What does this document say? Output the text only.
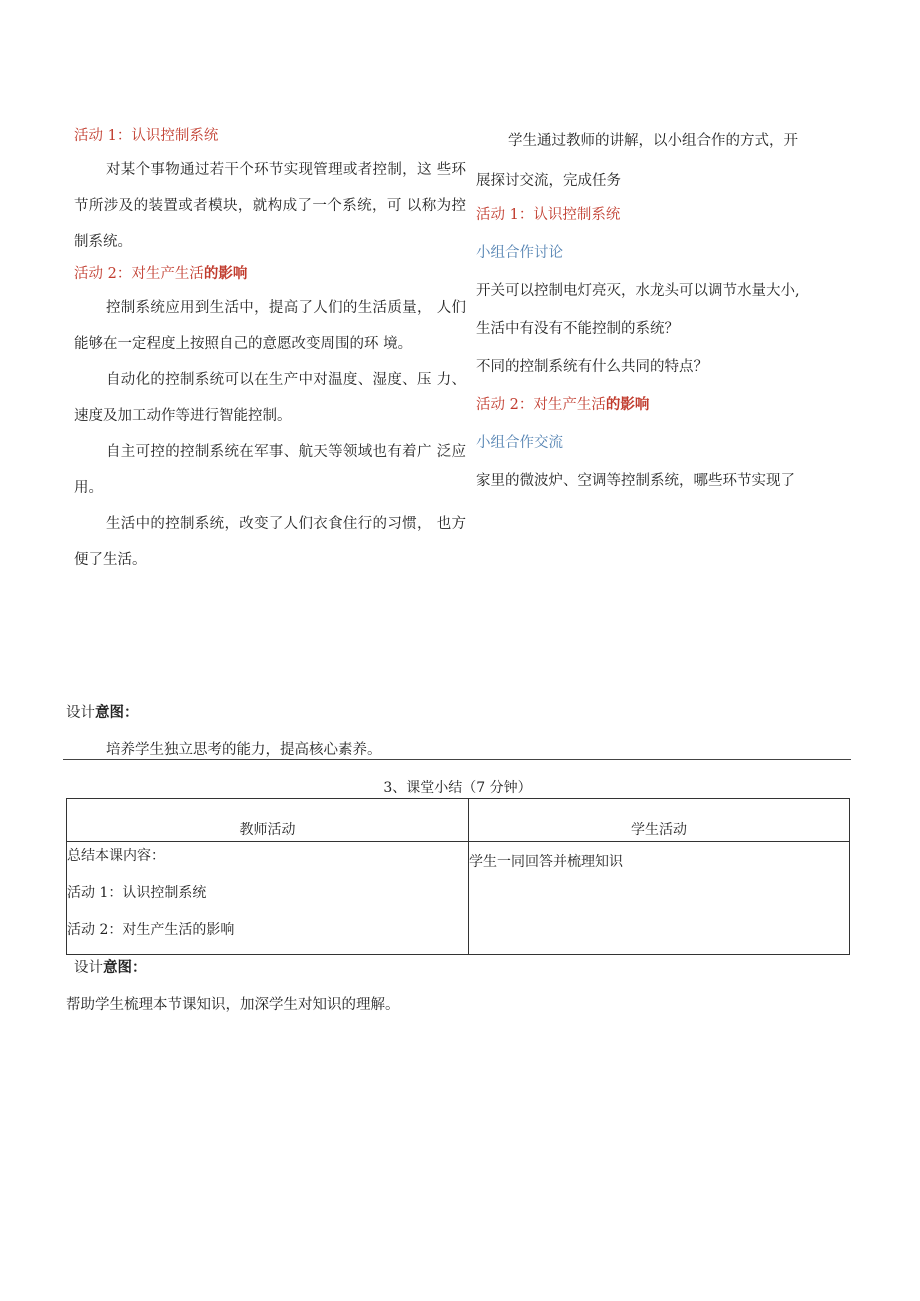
活动 1：认识控制系统

对某个事物通过若干个环节实现管理或者控制，这 些环节所涉及的装置或者模块，就构成了一个系统，可 以称为控制系统。

活动 2：对生产生活的影响

控制系统应用到生活中，提高了人们的生活质量， 人们能够在一定程度上按照自己的意愿改变周围的环 境。

自动化的控制系统可以在生产中对温度、湿度、压 力、速度及加工动作等进行智能控制。

自主可控的控制系统在军事、航天等领域也有着广 泛应用。

生活中的控制系统，改变了人们衣食住行的习惯， 也方便了生活。

学生通过教师的讲解，以小组合作的方式，开

展探讨交流，完成任务

活动 1：认识控制系统

小组合作讨论

开关可以控制电灯亮灭，水龙头可以调节水量大小,

生活中有没有不能控制的系统？

不同的控制系统有什么共同的特点？

活动 2：对生产生活的影响

小组合作交流

家里的微波炉、空调等控制系统，哪些环节实现了

设计意图：
培养学生独立思考的能力，提高核心素养。
3、课堂小结（7 分钟）
教师活动	学生活动

总结本课内容：
活动 1：认识控制系统
活动 2：对生产生活的影响	学生一同回答并梳理知识
设计意图：
帮助学生梳理本节课知识，加深学生对知识的理解。
